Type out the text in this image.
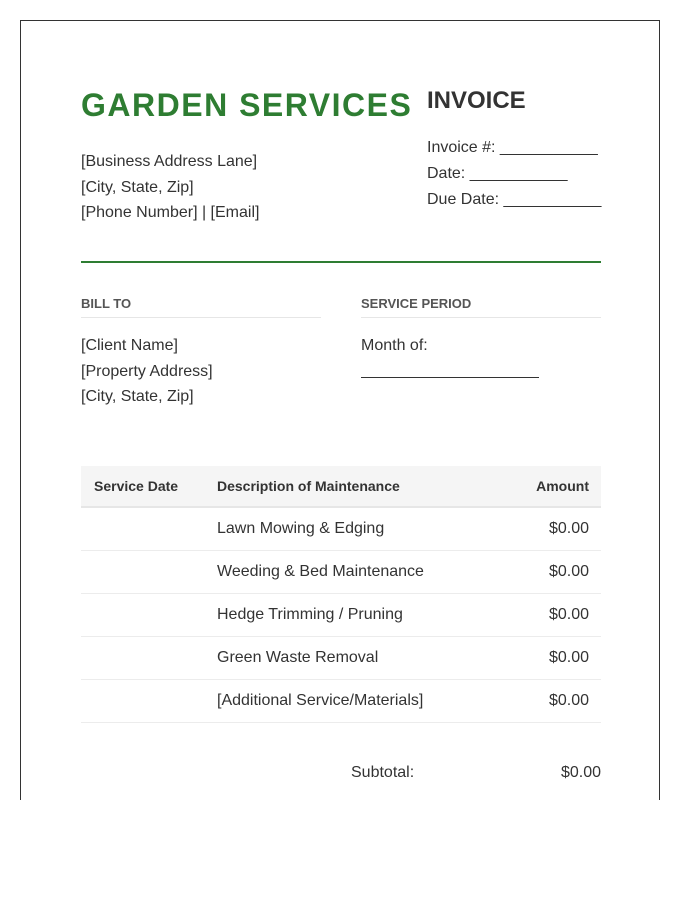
GARDEN SERVICES
[Business Address Lane]
[City, State, Zip]
[Phone Number] | [Email]
INVOICE
Invoice #: ___________
Date: ___________
Due Date: ___________
BILL TO	SERVICE PERIOD
[Client Name]
[Property Address]
[City, State, Zip]
Month of:
Service Date	Description of Maintenance	Amount
	Lawn Mowing & Edging	$0.00
	Weeding & Bed Maintenance	$0.00
	Hedge Trimming / Pruning	$0.00
	Green Waste Removal	$0.00
	[Additional Service/Materials]	$0.00
Subtotal:	$0.00
